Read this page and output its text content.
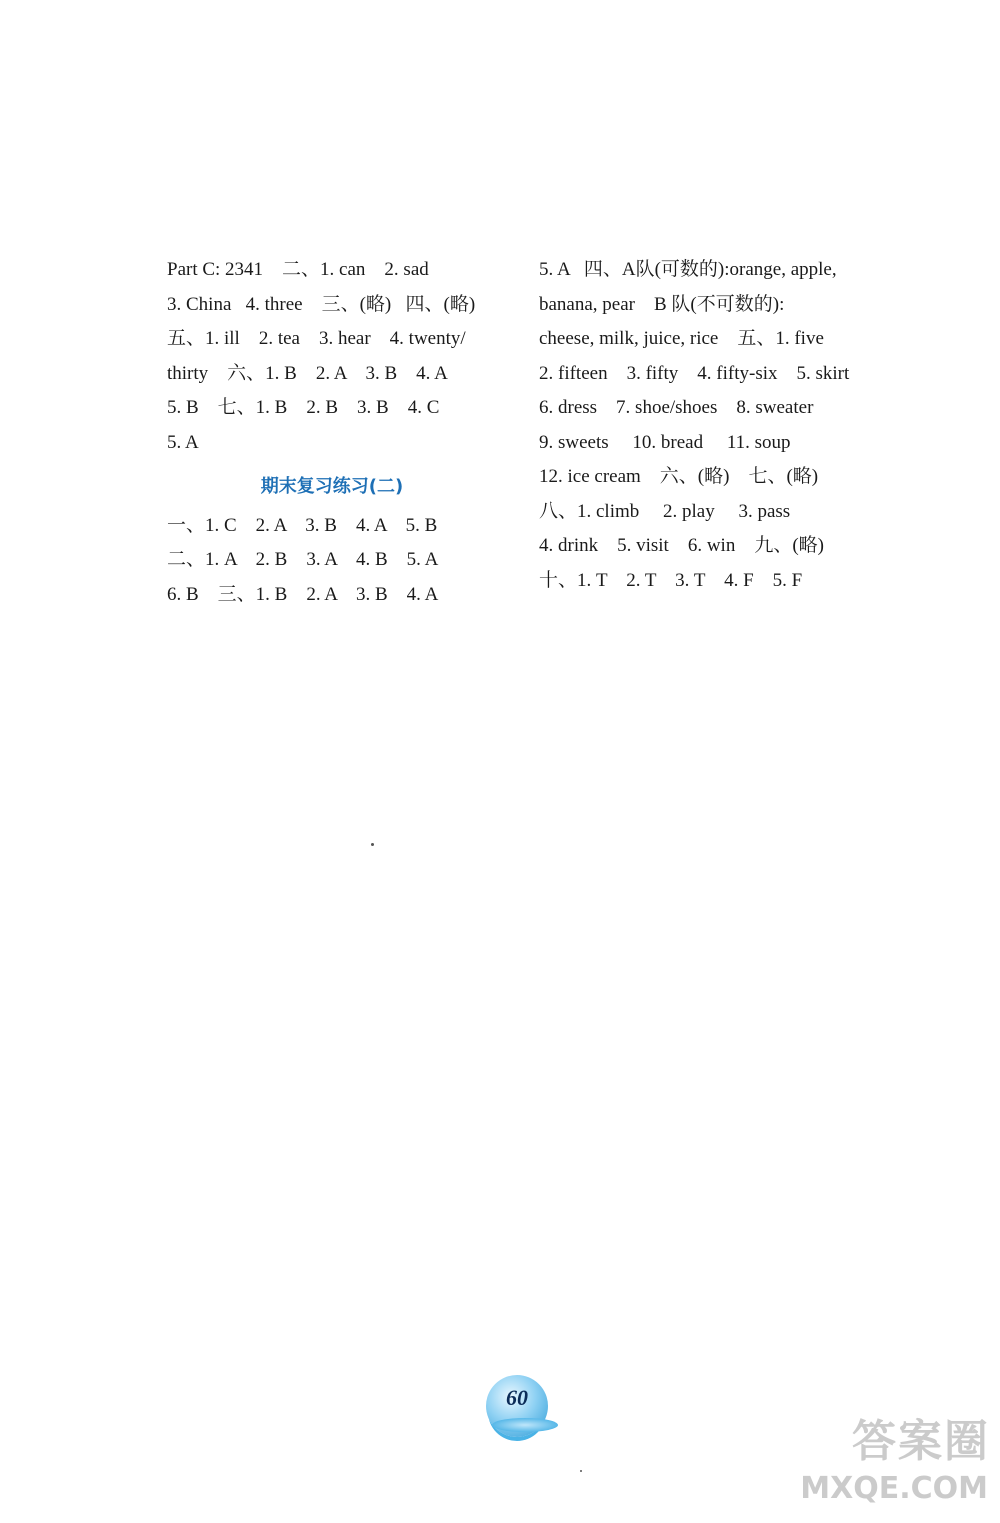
Part C: 2341    二、1. can    2. sad
3. China   4. three    三、(略)   四、(略)
五、1. ill    2. tea    3. hear    4. twenty/
thirty    六、1. B    2. A    3. B    4. A
5. B    七、1. B    2. B    3. B    4. C
5. A
期末复习练习(二)
一、1. C    2. A    3. B    4. A    5. B
二、1. A    2. B    3. A    4. B    5. A
6. B    三、1. B    2. A    3. B    4. A
5. A   四、A队(可数的):orange, apple,
banana, pear    B 队(不可数的):
cheese, milk, juice, rice    五、1. five
2. fifteen    3. fifty    4. fifty-six    5. skirt
6. dress    7. shoe/shoes    8. sweater
9. sweets     10. bread     11. soup
12. ice cream    六、(略)    七、(略)
八、1. climb     2. play     3. pass
4. drink    5. visit    6. win    九、(略)
十、1. T    2. T    3. T    4. F    5. F
60
答案圈
MXQE.COM
